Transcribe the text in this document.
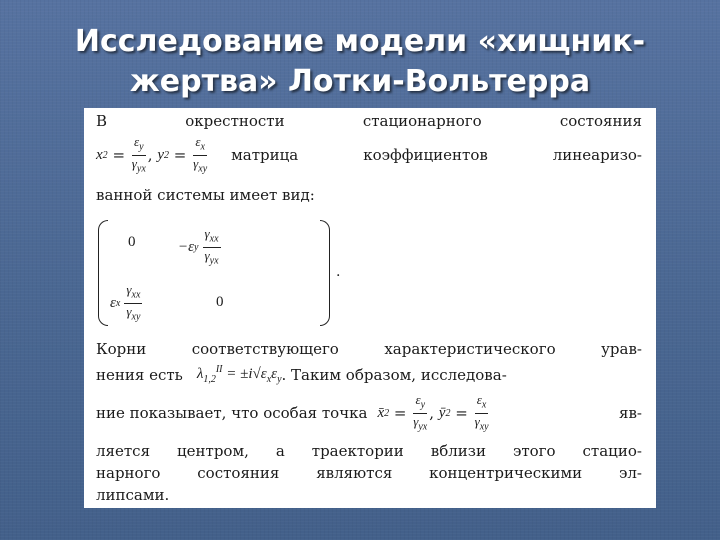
Исследование модели «хищник-
жертва» Лотки-Вольтерра
В	окрестности	стационарного	состояния
x $2 = \frac{\varepsilon_y}{\gamma_{yx}}$ , y $2 = \frac{\varepsilon_x}{\gamma_{xy}}$ матрица	коэффициентов	линеаризо-
ванной системы имеет вид:
0	−ε y $\frac{\gamma_{xx}}{\gamma_{yx}}$
ε x $\frac{\gamma_{xx}}{\gamma_{xy}}$	0
.
Корни	соответствующего	характеристического	урав-
нения есть $\lambda_{1,2}^{II} = \pm i√\varepsilon_x\varepsilon_y$ . Таким образом, исследова-
ние показывает, что особая точка x̄ $2 = \frac{\varepsilon_y}{\gamma_{yx}}$ , ȳ $2 = \frac{\varepsilon_x}{\gamma_{xy}}$	яв-
ляется центром, а траектории вблизи этого стацио-
нарного состояния являются концентрическими эл-
липсами.
